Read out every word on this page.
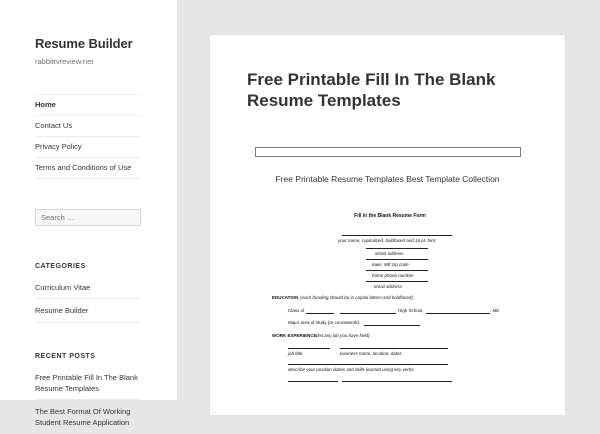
Resume Builder
rabbittvreview.net
Home
Contact Us
Privacy Policy
Terms and Conditions of Use
Search …
CATEGORIES
Curriculum Vitae
Resume Builder
RECENT POSTS
Free Printable Fill In The Blank Resume Templates
The Best Format Of Working Student Resume Application
Free Printable Fill In The Blank Resume Templates
Free Printable Resume Templates Best Template Collection
Fill in the Blank Resume Form
your name, capitalized, boldfaced and 16 pt. font
street address
town, ME zip code
home phone number
email address
EDUCATION (each heading should be in capital letters and boldfaced)
Class of	High School,	, ME
Major area of study (or coursework):
WORK EXPERIENCE (list any job you have held)
job title	business name, location, dates
describe your position duties and skills learned using key verbs
